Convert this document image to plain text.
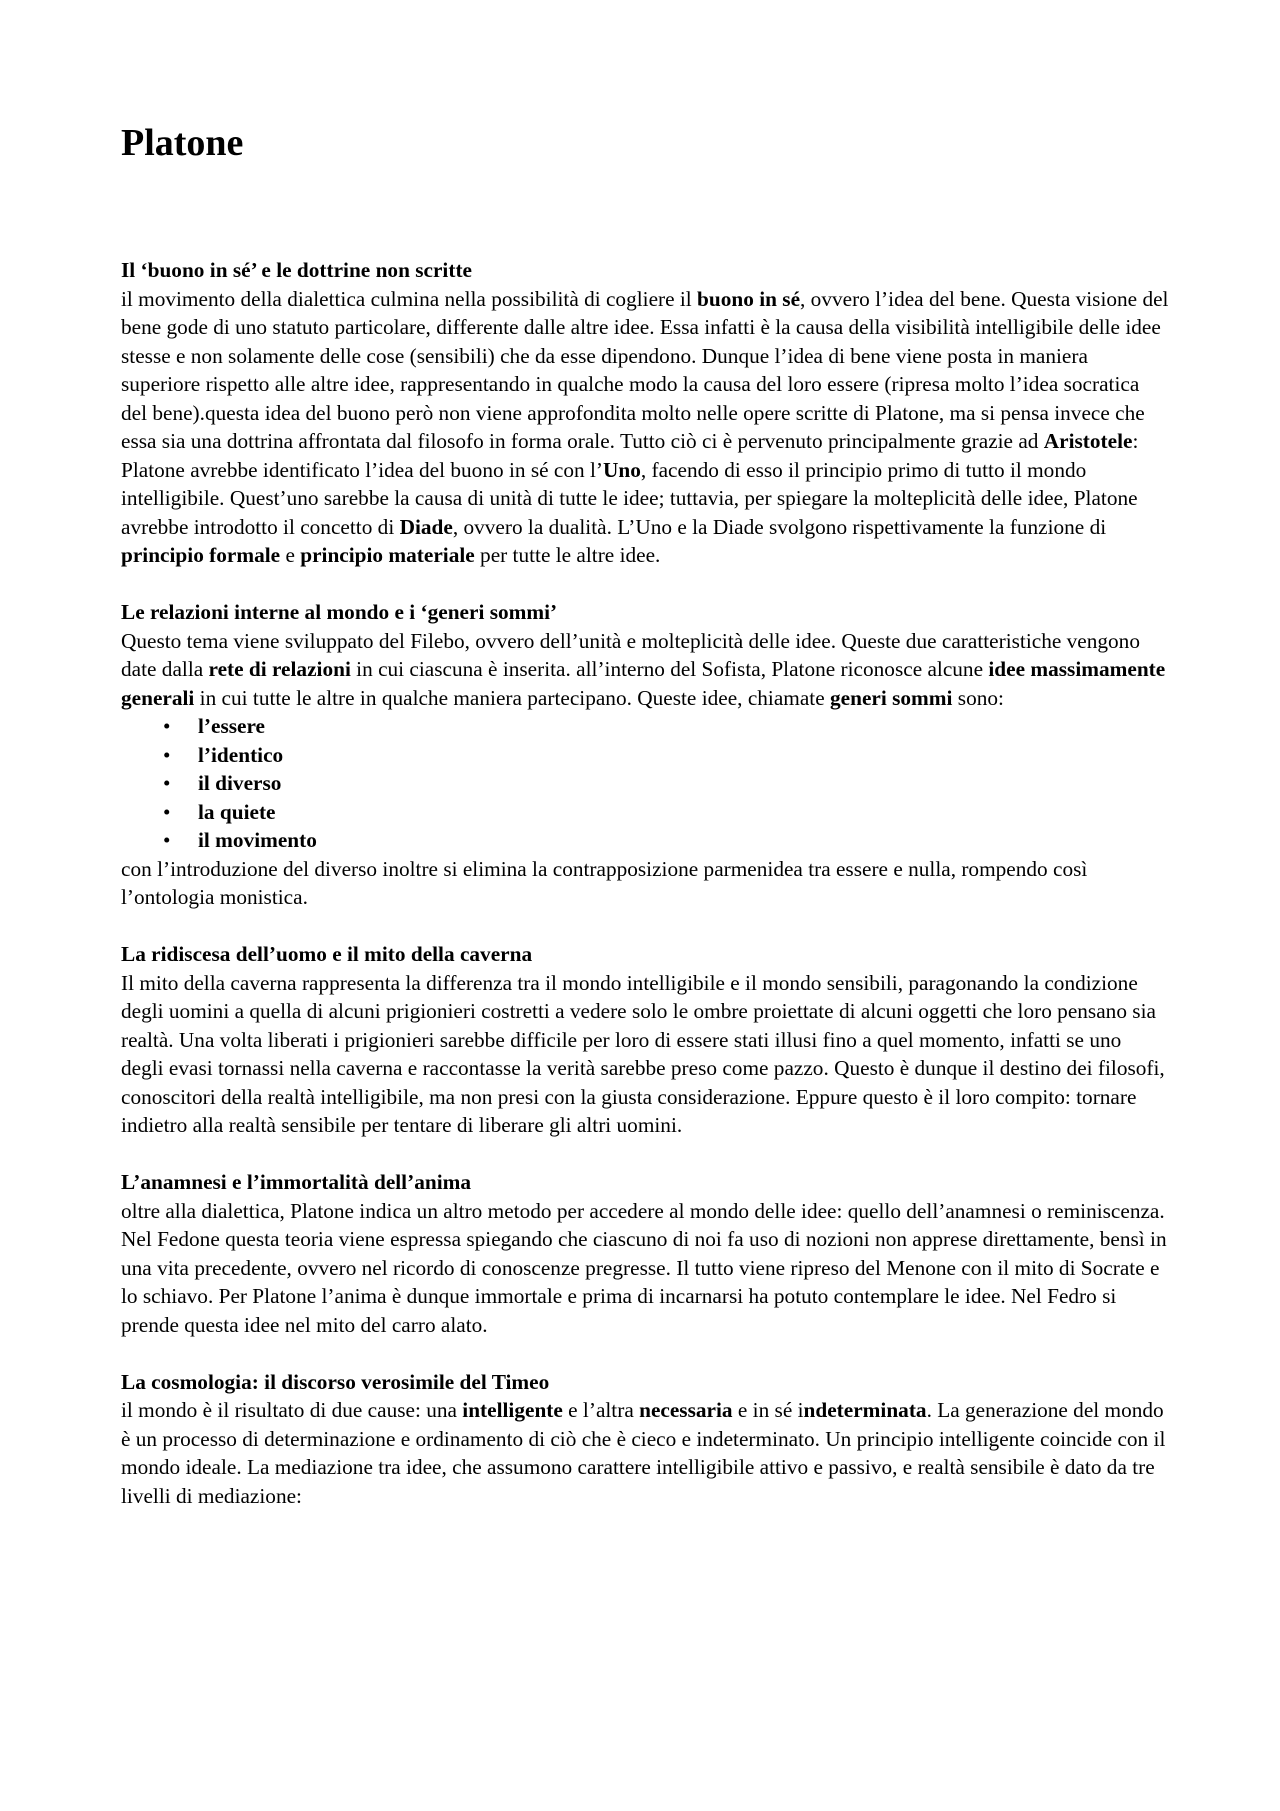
Platone
Il ‘buono in sé’ e le dottrine non scritte

il movimento della dialettica culmina nella possibilità di cogliere il buono in sé, ovvero l’idea del bene. Questa visione del bene gode di uno statuto particolare, differente dalle altre idee. Essa infatti è la causa della visibilità intelligibile delle idee stesse e non solamente delle cose (sensibili) che da esse dipendono. Dunque l’idea di bene viene posta in maniera superiore rispetto alle altre idee, rappresentando in qualche modo la causa del loro essere (ripresa molto l’idea socratica del bene).questa idea del buono però non viene approfondita molto nelle opere scritte di Platone, ma si pensa invece che essa sia una dottrina affrontata dal filosofo in forma orale. Tutto ciò ci è pervenuto principalmente grazie ad Aristotele: Platone avrebbe identificato l’idea del buono in sé con l’Uno, facendo di esso il principio primo di tutto il mondo intelligibile. Quest’uno sarebbe la causa di unità di tutte le idee; tuttavia, per spiegare la molteplicità delle idee, Platone avrebbe introdotto il concetto di Diade, ovvero la dualità. L’Uno e la Diade svolgono rispettivamente la funzione di principio formale e principio materiale per tutte le altre idee.

Le relazioni interne al mondo e i ‘generi sommi’

Questo tema viene sviluppato del Filebo, ovvero dell’unità e molteplicità delle idee. Queste due caratteristiche vengono date dalla rete di relazioni in cui ciascuna è inserita. all’interno del Sofista, Platone riconosce alcune idee massimamente generali in cui tutte le altre in qualche maniera partecipano. Queste idee, chiamate generi sommi sono:

• l’essere
• l’identico
• il diverso
• la quiete
• il movimento

con l’introduzione del diverso inoltre si elimina la contrapposizione parmenidea tra essere e nulla, rompendo così l’ontologia monistica.

La ridiscesa dell’uomo e il mito della caverna

Il mito della caverna rappresenta la differenza tra il mondo intelligibile e il mondo sensibili, paragonando la condizione degli uomini a quella di alcuni prigionieri costretti a vedere solo le ombre proiettate di alcuni oggetti che loro pensano sia realtà. Una volta liberati i prigionieri sarebbe difficile per loro di essere stati illusi fino a quel momento, infatti se uno degli evasi tornassi nella caverna e raccontasse la verità sarebbe preso come pazzo. Questo è dunque il destino dei filosofi, conoscitori della realtà intelligibile, ma non presi con la giusta considerazione. Eppure questo è il loro compito: tornare indietro alla realtà sensibile per tentare di liberare gli altri uomini.

L’anamnesi e l’immortalità dell’anima

oltre alla dialettica, Platone indica un altro metodo per accedere al mondo delle idee: quello dell’anamnesi o reminiscenza. Nel Fedone questa teoria viene espressa spiegando che ciascuno di noi fa uso di nozioni non apprese direttamente, bensì in una vita precedente, ovvero nel ricordo di conoscenze pregresse. Il tutto viene ripreso del Menone con il mito di Socrate e lo schiavo. Per Platone l’anima è dunque immortale e prima di incarnarsi ha potuto contemplare le idee. Nel Fedro si prende questa idee nel mito del carro alato.

La cosmologia: il discorso verosimile del Timeo

il mondo è il risultato di due cause: una intelligente e l’altra necessaria e in sé indeterminata. La generazione del mondo è un processo di determinazione e ordinamento di ciò che è cieco e indeterminato. Un principio intelligente coincide con il mondo ideale. La mediazione tra idee, che assumono carattere intelligibile attivo e passivo, e realtà sensibile è dato da tre livelli di mediazione:
